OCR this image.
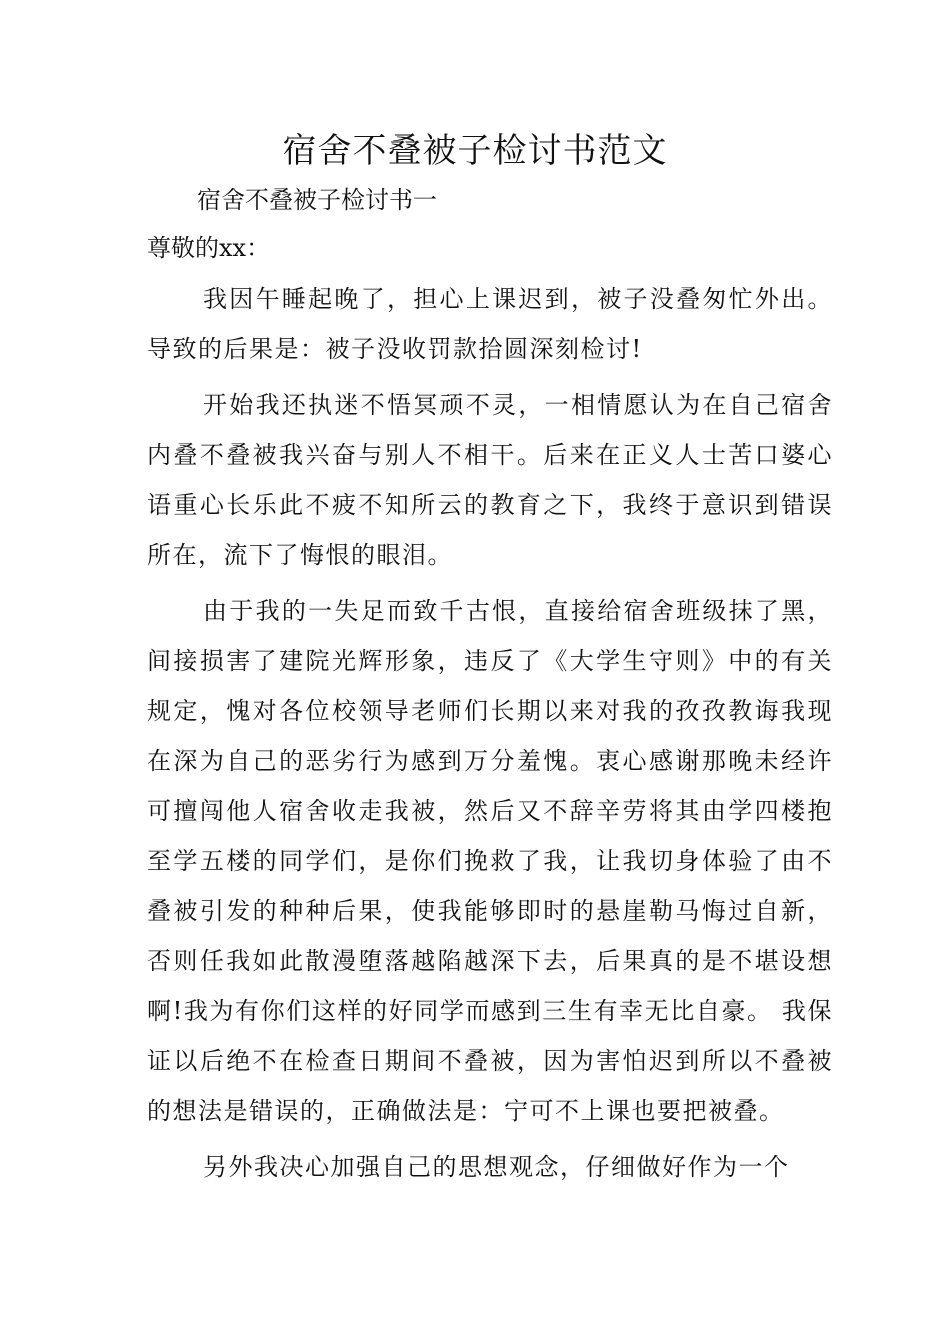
宿舍不叠被子检讨书范文

宿舍不叠被子检讨书一

尊敬的xx：

我因午睡起晚了，担心上课迟到，被子没叠匆忙外出。导致的后果是：被子没收罚款拾圆深刻检讨!

开始我还执迷不悟冥顽不灵，一相情愿认为在自己宿舍内叠不叠被我兴奋与别人不相干。后来在正义人士苦口婆心语重心长乐此不疲不知所云的教育之下，我终于意识到错误所在，流下了悔恨的眼泪。

由于我的一失足而致千古恨，直接给宿舍班级抹了黑，间接损害了建院光辉形象，违反了《大学生守则》中的有关规定，愧对各位校领导老师们长期以来对我的孜孜教诲我现在深为自己的恶劣行为感到万分羞愧。衷心感谢那晚未经许可擅闯他人宿舍收走我被，然后又不辞辛劳将其由学四楼抱至学五楼的同学们，是你们挽救了我，让我切身体验了由不叠被引发的种种后果，使我能够即时的悬崖勒马悔过自新，否则任我如此散漫堕落越陷越深下去，后果真的是不堪设想啊!我为有你们这样的好同学而感到三生有幸无比自豪。 我保证以后绝不在检查日期间不叠被，因为害怕迟到所以不叠被的想法是错误的，正确做法是：宁可不上课也要把被叠。

另外我决心加强自己的思想观念，仔细做好作为一个
